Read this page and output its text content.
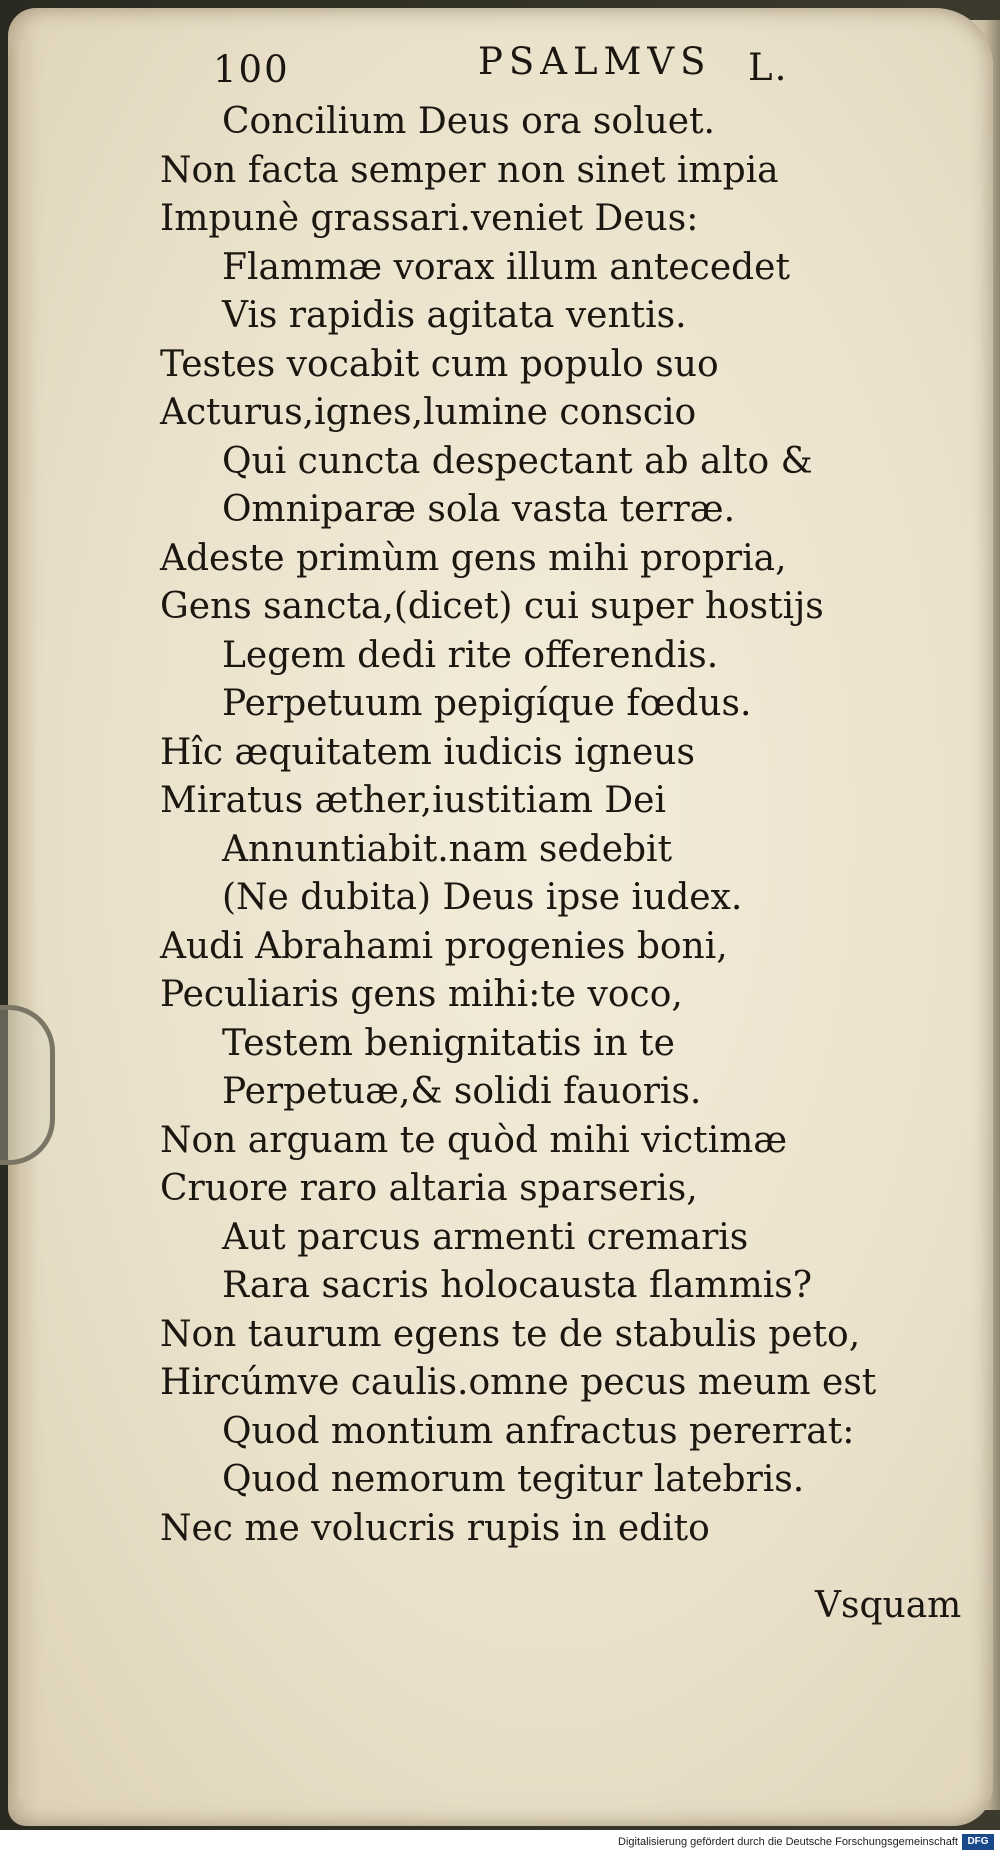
100	PSALMVS L.
Concilium Deus ora soluet.
Non facta semper non sinet impia
Impunè grassari.veniet Deus:
Flammæ vorax illum antecedet
Vis rapidis agitata ventis.
Testes vocabit cum populo suo
Acturus,ignes,lumine conscio
Qui cuncta despectant ab alto &
Omniparæ sola vasta terræ.
Adeste primùm gens mihi propria,
Gens sancta,(dicet) cui super hostijs
Legem dedi rite offerendis.
Perpetuum pepigíque fœdus.
Hîc æquitatem iudicis igneus
Miratus æther,iustitiam Dei
Annuntiabit.nam sedebit
(Ne dubita) Deus ipse iudex.
Audi Abrahami progenies boni,
Peculiaris gens mihi:te voco,
Testem benignitatis in te
Perpetuæ,& solidi fauoris.
Non arguam te quòd mihi victimæ
Cruore raro altaria sparseris,
Aut parcus armenti cremaris
Rara sacris holocausta flammis?
Non taurum egens te de stabulis peto,
Hircúmve caulis.omne pecus meum est
Quod montium anfractus pererrat:
Quod nemorum tegitur latebris.
Nec me volucris rupis in edito
Vsquam
Digitalisierung gefördert durch die Deutsche Forschungsgemeinschaft DFG
